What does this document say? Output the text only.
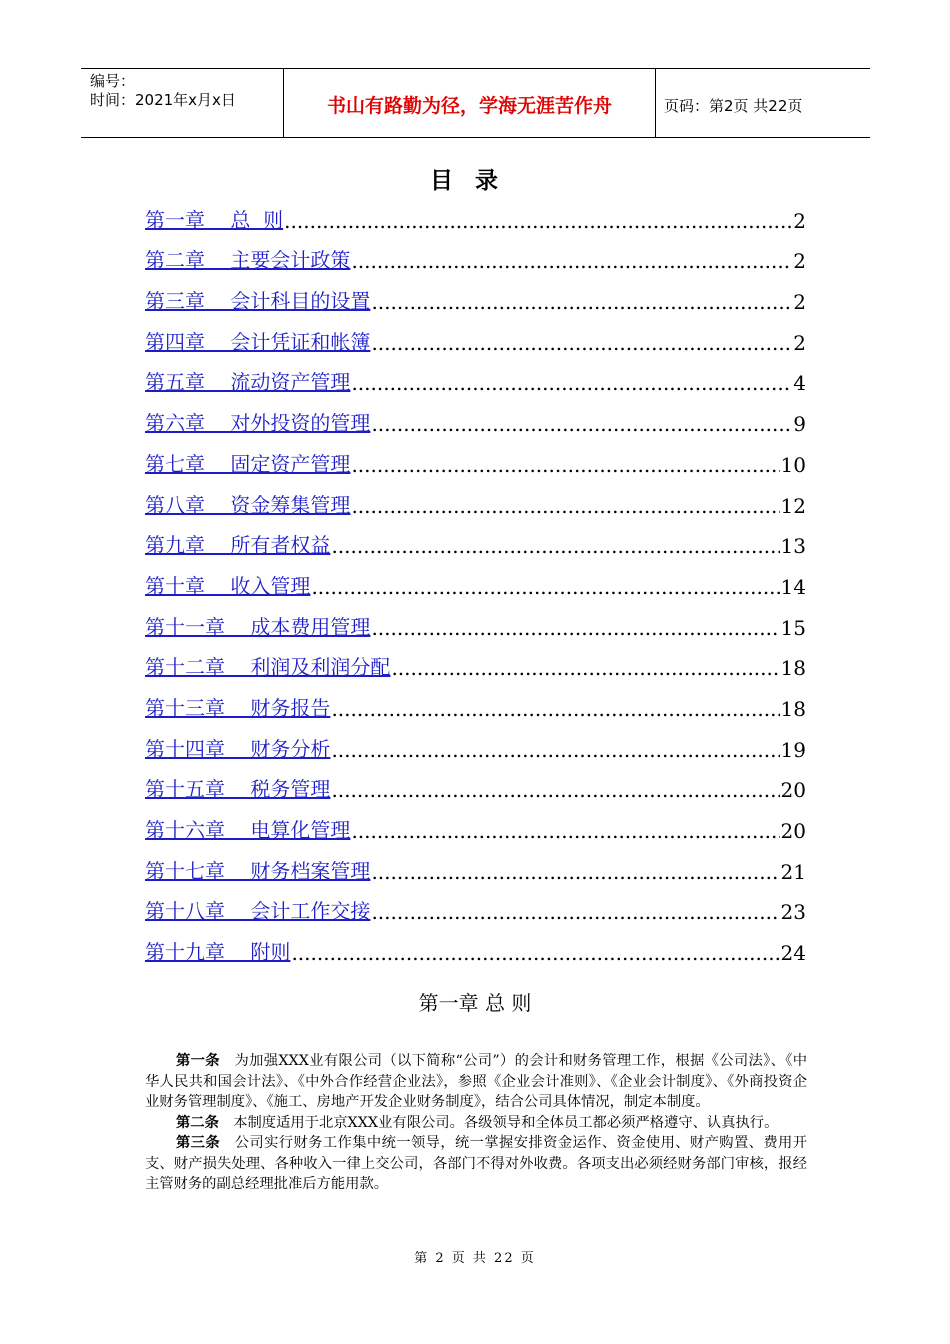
编号：
时间：2021年x月x日	书山有路勤为径，学海无涯苦作舟	页码：第2页 共22页
目录
第一章    总  则 .....	2
第二章    主要会计政策 .....	2
第三章    会计科目的设置 .....	2
第四章    会计凭证和帐簿 .....	2
第五章    流动资产管理 .....	4
第六章    对外投资的管理 .....	9
第七章    固定资产管理 .....	10
第八章    资金筹集管理 .....	12
第九章    所有者权益 .....	13
第十章    收入管理 .....	14
第十一章    成本费用管理 .....	15
第十二章    利润及利润分配 .....	18
第十三章    财务报告 .....	18
第十四章    财务分析 .....	19
第十五章    税务管理 .....	20
第十六章    电算化管理 .....	20
第十七章    财务档案管理 .....	21
第十八章    会计工作交接 .....	23
第十九章    附则 .....	24
第一章 总 则

第一条　 为加强XXX业有限公司（以下简称“公司”）的会计和财务管理工作，根据《公司法》、《中华人民共和国会计法》、《中外合作经营企业法》，参照《企业会计准则》、《企业会计制度》、《外商投资企业财务管理制度》、《施工、房地产开发企业财务制度》，结合公司具体情况，制定本制度。

第二条　 本制度适用于北京XXX业有限公司。各级领导和全体员工都必须严格遵守、认真执行。

第三条　 公司实行财务工作集中统一领导，统一掌握安排资金运作、资金使用、财产购置、费用开支、财产损失处理、各种收入一律上交公司，各部门不得对外收费。各项支出必须经财务部门审核，报经主管财务的副总经理批准后方能用款。

第 2 页 共 22 页
